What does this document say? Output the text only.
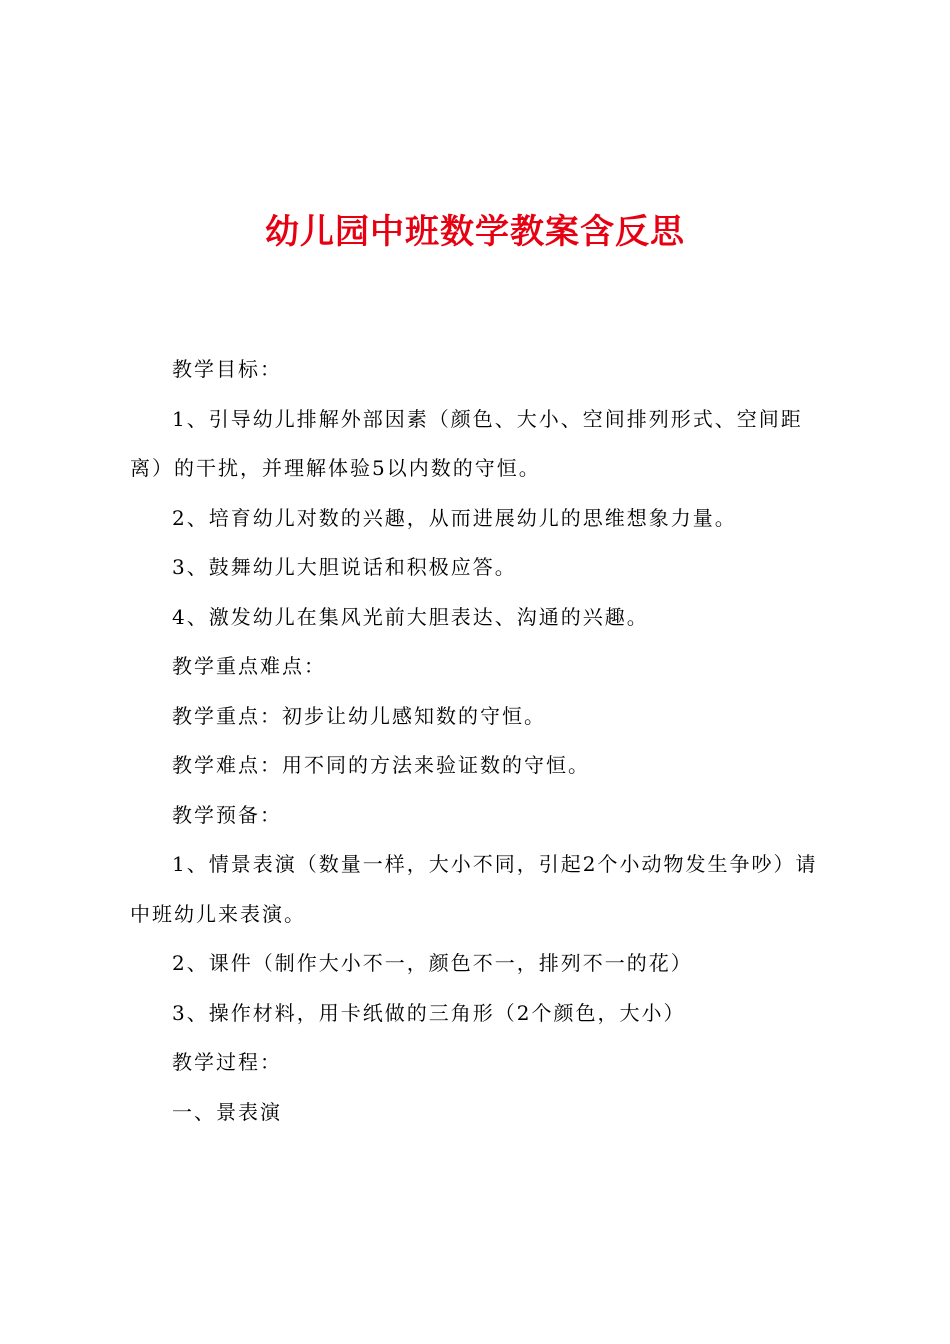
幼儿园中班数学教案含反思

教学目标：

1、引导幼儿排解外部因素（颜色、大小、空间排列形式、空间距离）的干扰，并理解体验5以内数的守恒。

2、培育幼儿对数的兴趣，从而进展幼儿的思维想象力量。

3、鼓舞幼儿大胆说话和积极应答。

4、激发幼儿在集风光前大胆表达、沟通的兴趣。

教学重点难点：

教学重点：初步让幼儿感知数的守恒。

教学难点：用不同的方法来验证数的守恒。

教学预备：

1、情景表演（数量一样，大小不同，引起2个小动物发生争吵）请中班幼儿来表演。

2、课件（制作大小不一，颜色不一，排列不一的花）

3、操作材料，用卡纸做的三角形（2个颜色，大小）

教学过程：

一、景表演
